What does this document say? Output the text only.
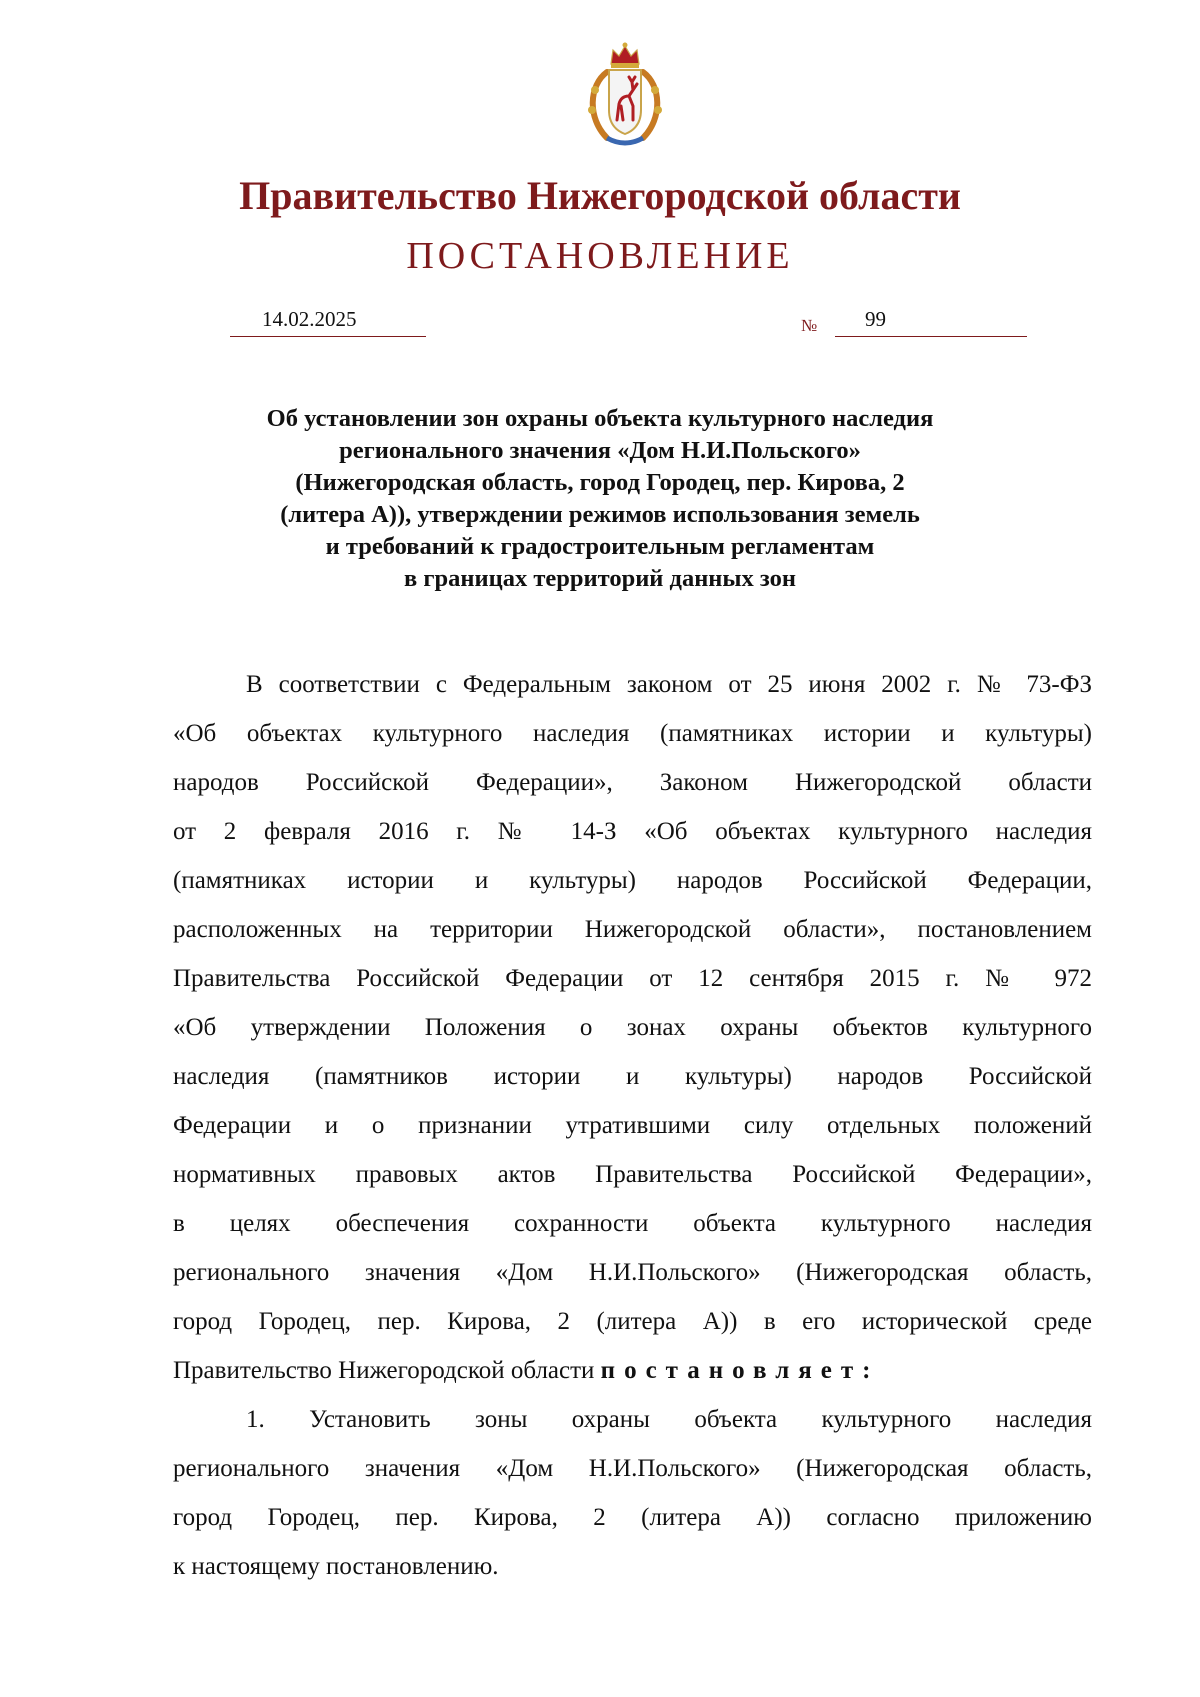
Правительство Нижегородской области
ПОСТАНОВЛЕНИЕ
14.02.2025	№ 99
Об установлении зон охраны объекта культурного наследия
регионального значения «Дом Н.И.Польского»
(Нижегородская область, город Городец, пер. Кирова, 2
(литера А)), утверждении режимов использования земель
и требований к градостроительным регламентам
в границах территорий данных зон
В соответствии с Федеральным законом от 25 июня 2002 г. № 73-ФЗ
«Об объектах культурного наследия (памятниках истории и культуры)
народов Российской Федерации», Законом Нижегородской области
от 2 февраля 2016 г. № 14-З «Об объектах культурного наследия
(памятниках истории и культуры) народов Российской Федерации,
расположенных на территории Нижегородской области», постановлением
Правительства Российской Федерации от 12 сентября 2015 г. № 972
«Об утверждении Положения о зонах охраны объектов культурного
наследия (памятников истории и культуры) народов Российской
Федерации и о признании утратившими силу отдельных положений
нормативных правовых актов Правительства Российской Федерации»,
в целях обеспечения сохранности объекта культурного наследия
регионального значения «Дом Н.И.Польского» (Нижегородская область,
город Городец, пер. Кирова, 2 (литера А)) в его исторической среде
Правительство Нижегородской области постановляет:
1. Установить зоны охраны объекта культурного наследия
регионального значения «Дом Н.И.Польского» (Нижегородская область,
город Городец, пер. Кирова, 2 (литера А)) согласно приложению
к настоящему постановлению.
